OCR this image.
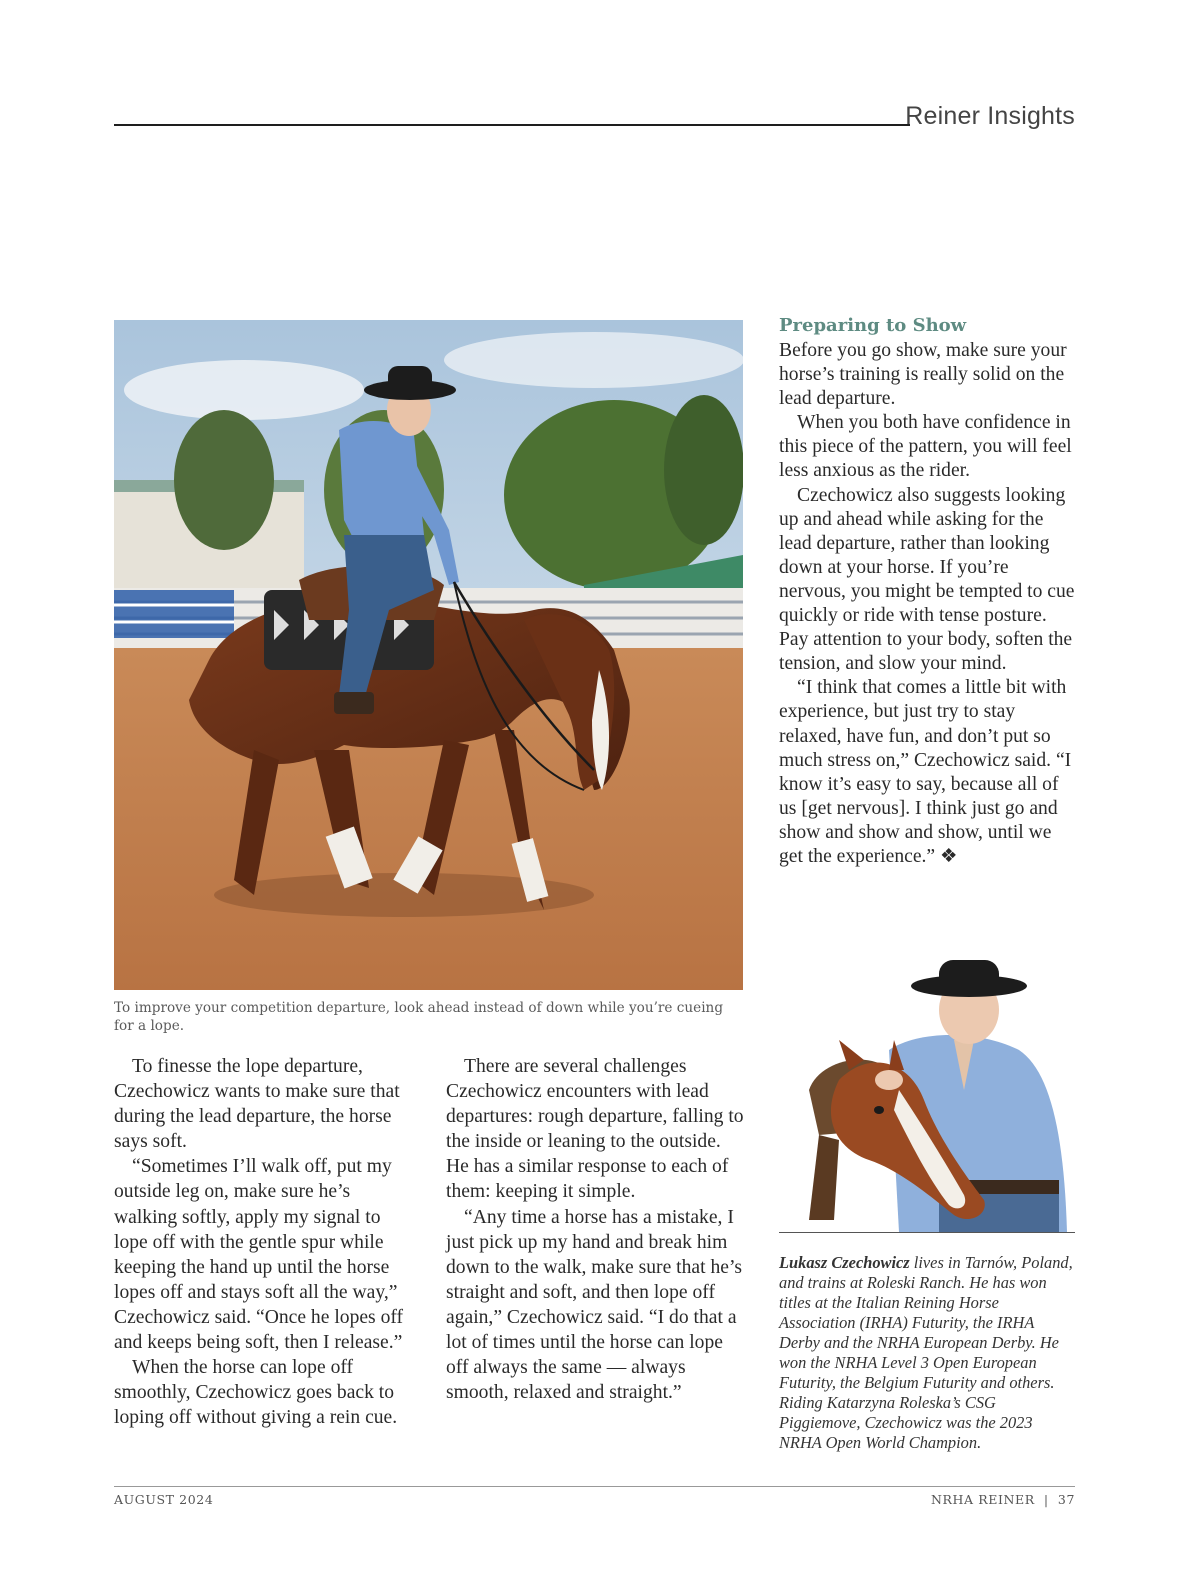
Reiner Insights
To improve your competition departure, look ahead instead of down while you’re cueing for a lope.

To finesse the lope departure, Czechowicz wants to make sure that during the lead departure, the horse says soft.

“Sometimes I’ll walk off, put my outside leg on, make sure he’s walking softly, apply my signal to lope off with the gentle spur while keeping the hand up until the horse lopes off and stays soft all the way,” Czechowicz said. “Once he lopes off and keeps being soft, then I release.”

When the horse can lope off smoothly, Czechowicz goes back to loping off without giving a rein cue.

There are several challenges Czechowicz encounters with lead departures: rough departure, falling to the inside or leaning to the outside. He has a similar response to each of them: keeping it simple.

“Any time a horse has a mistake, I just pick up my hand and break him down to the walk, make sure that he’s straight and soft, and then lope off again,” Czechowicz said. “I do that a lot of times until the horse can lope off always the same — always smooth, relaxed and straight.”

Preparing to Show

Before you go show, make sure your horse’s training is really solid on the lead departure.

When you both have confidence in this piece of the pattern, you will feel less anxious as the rider.

Czechowicz also suggests looking up and ahead while asking for the lead departure, rather than looking down at your horse. If you’re nervous, you might be tempted to cue quickly or ride with tense posture. Pay attention to your body, soften the tension, and slow your mind.

“I think that comes a little bit with experience, but just try to stay relaxed, have fun, and don’t put so much stress on,” Czechowicz said. “I know it’s easy to say, because all of us [get nervous]. I think just go and show and show and show, until we get the experience.” ❖

Lukasz Czechowicz lives in Tarnów, Poland, and trains at Roleski Ranch. He has won titles at the Italian Reining Horse Association (IRHA) Futurity, the IRHA Derby and the NRHA European Derby. He won the NRHA Level 3 Open European Futurity, the Belgium Futurity and others. Riding Katarzyna Roleska’s CSG Piggiemove, Czechowicz was the 2023 NRHA Open World Champion.
AUGUST 2024	NRHA REINER  |  37
